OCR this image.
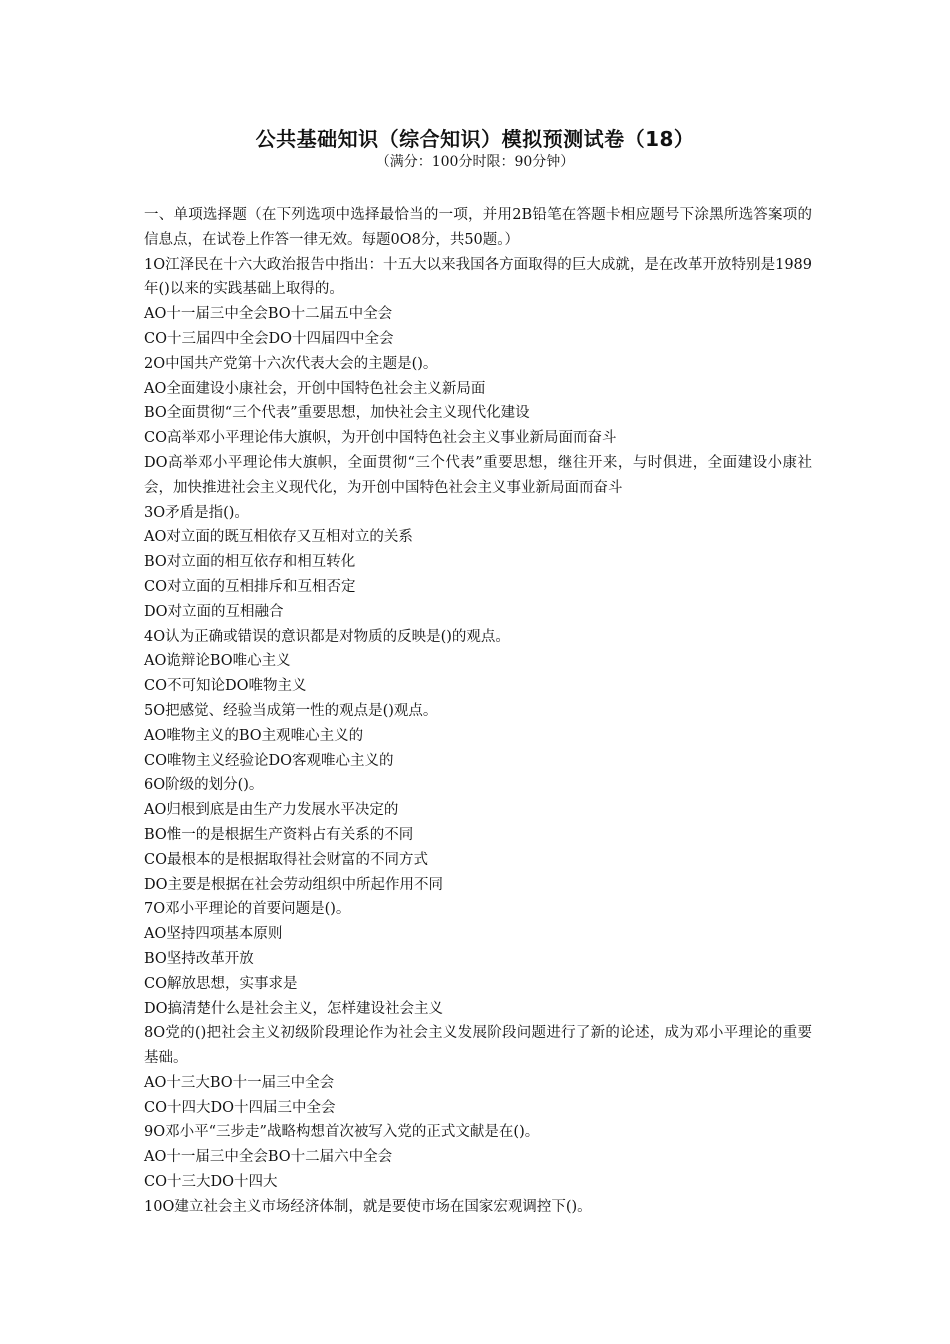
公共基础知识（综合知识）模拟预测试卷（18）
（满分：100分时限：90分钟）
一、单项选择题（在下列选项中选择最恰当的一项，并用2B铅笔在答题卡相应题号下涂黑所选答案项的信息点，在试卷上作答一律无效。每题0O8分，共50题。）
1O江泽民在十六大政治报告中指出：十五大以来我国各方面取得的巨大成就，是在改革开放特别是1989年()以来的实践基础上取得的。
AO十一届三中全会BO十二届五中全会
CO十三届四中全会DO十四届四中全会
2O中国共产党第十六次代表大会的主题是()。
AO全面建设小康社会，开创中国特色社会主义新局面
BO全面贯彻“三个代表”重要思想，加快社会主义现代化建设
CO高举邓小平理论伟大旗帜，为开创中国特色社会主义事业新局面而奋斗
DO高举邓小平理论伟大旗帜，全面贯彻“三个代表”重要思想，继往开来，与时俱进，全面建设小康社会，加快推进社会主义现代化，为开创中国特色社会主义事业新局面而奋斗
3O矛盾是指()。
AO对立面的既互相依存又互相对立的关系
BO对立面的相互依存和相互转化
CO对立面的互相排斥和互相否定
DO对立面的互相融合
4O认为正确或错误的意识都是对物质的反映是()的观点。
AO诡辩论BO唯心主义
CO不可知论DO唯物主义
5O把感觉、经验当成第一性的观点是()观点。
AO唯物主义的BO主观唯心主义的
CO唯物主义经验论DO客观唯心主义的
6O阶级的划分()。
AO归根到底是由生产力发展水平决定的
BO惟一的是根据生产资料占有关系的不同
CO最根本的是根据取得社会财富的不同方式
DO主要是根据在社会劳动组织中所起作用不同
7O邓小平理论的首要问题是()。
AO坚持四项基本原则
BO坚持改革开放
CO解放思想，实事求是
DO搞清楚什么是社会主义，怎样建设社会主义
8O党的()把社会主义初级阶段理论作为社会主义发展阶段问题进行了新的论述，成为邓小平理论的重要基础。
AO十三大BO十一届三中全会
CO十四大DO十四届三中全会
9O邓小平“三步走”战略构想首次被写入党的正式文献是在()。
AO十一届三中全会BO十二届六中全会
CO十三大DO十四大
10O建立社会主义市场经济体制，就是要使市场在国家宏观调控下()。
